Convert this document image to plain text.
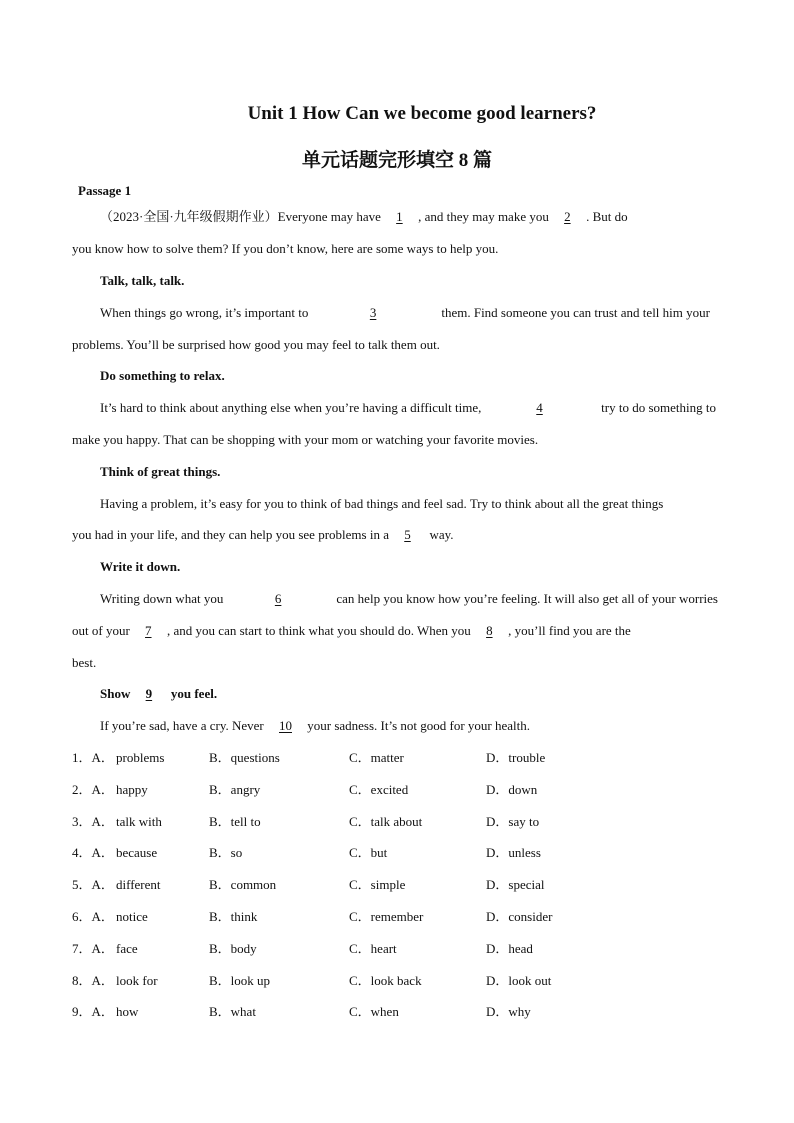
Unit 1 How Can we become good learners?
单元话题完形填空 8 篇
Passage 1
（2023·全国·九年级假期作业）Everyone may have 1 , and they may make you 2 . But do
you know how to solve them? If you don’t know, here are some ways to help you.
Talk, talk, talk.
When things go wrong, it’s important to	3	them. Find someone you can trust and tell him your
problems. You’ll be surprised how good you may feel to talk them out.
Do something to relax.
It’s hard to think about anything else when you’re having a difficult time,	4	try to do something to
make you happy. That can be shopping with your mom or watching your favorite movies.
Think of great things.
Having a problem, it’s easy for you to think of bad things and feel sad. Try to think about all the great things
you had in your life, and they can help you see problems in a 5 way.
Write it down.
Writing down what you	6	can help you know how you’re feeling. It will also get all of your worries
out of your 7 , and you can start to think what you should do. When you 8 , you’ll find you are the
best.
Show 9 you feel.
If you’re sad, have a cry. Never 10 your sadness. It’s not good for your health.
1．A． problems	B．questions	C．matter	D．trouble
2．A． happy	B．angry	C．excited	D．down
3．A． talk with	B．tell to	C．talk about	D．say to
4．A． because	B．so	C．but	D．unless
5．A． different	B．common	C．simple	D．special
6．A． notice	B．think	C．remember	D．consider
7．A． face	B．body	C．heart	D．head
8．A． look for	B．look up	C．look back	D．look out
9．A． how	B．what	C．when	D．why
